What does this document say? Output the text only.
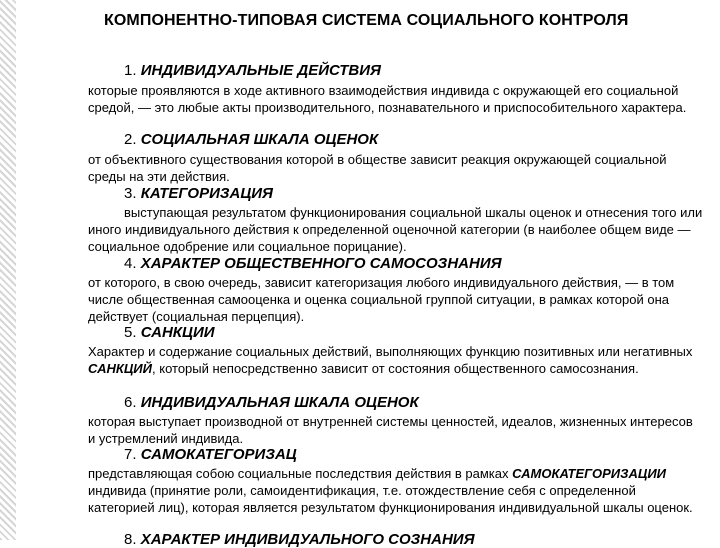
КОМПОНЕНТНО-ТИПОВАЯ СИСТЕМА СОЦИАЛЬНОГО КОНТРОЛЯ
1. ИНДИВИДУАЛЬНЫЕ ДЕЙСТВИЯ
которые проявляются в ходе активного взаимодействия индивида с окружающей его социальной средой, — это любые акты производительного, познавательного и приспособительного характера.
2. СОЦИАЛЬНАЯ ШКАЛА ОЦЕНОК
от объективного существования которой в обществе зависит реакция окружающей социальной среды на эти действия.
3. КАТЕГОРИЗАЦИЯ
выступающая результатом функционирования социальной шкалы оценок и отнесения того или иного индивидуального действия к определенной оценочной категории (в наиболее общем виде — социальное одобрение или социальное порицание).
4. ХАРАКТЕР ОБЩЕСТВЕННОГО САМОСОЗНАНИЯ
от которого, в свою очередь, зависит категоризация любого индивидуального действия, — в том числе общественная самооценка и оценка социальной группой ситуации, в рамках которой она действует (социальная перцепция).
5. САНКЦИИ
Характер и содержание социальных действий, выполняющих функцию позитивных или негативных САНКЦИЙ, который непосредственно зависит от состояния общественного самосознания.
6. ИНДИВИДУАЛЬНАЯ ШКАЛА ОЦЕНОК
которая выступает производной от внутренней системы ценностей, идеалов, жизненных интересов и устремлений индивида.
7. САМОКАТЕГОРИЗАЦ
представляющая собою социальные последствия действия в рамках САМОКАТЕГОРИЗАЦИИ индивида (принятие роли, самоидентификация, т.е. отождествление себя с определенной категорией лиц), которая является результатом функционирования индивидуальной шкалы оценок.
8. ХАРАКТЕР ИНДИВИДУАЛЬНОГО СОЗНАНИЯ
